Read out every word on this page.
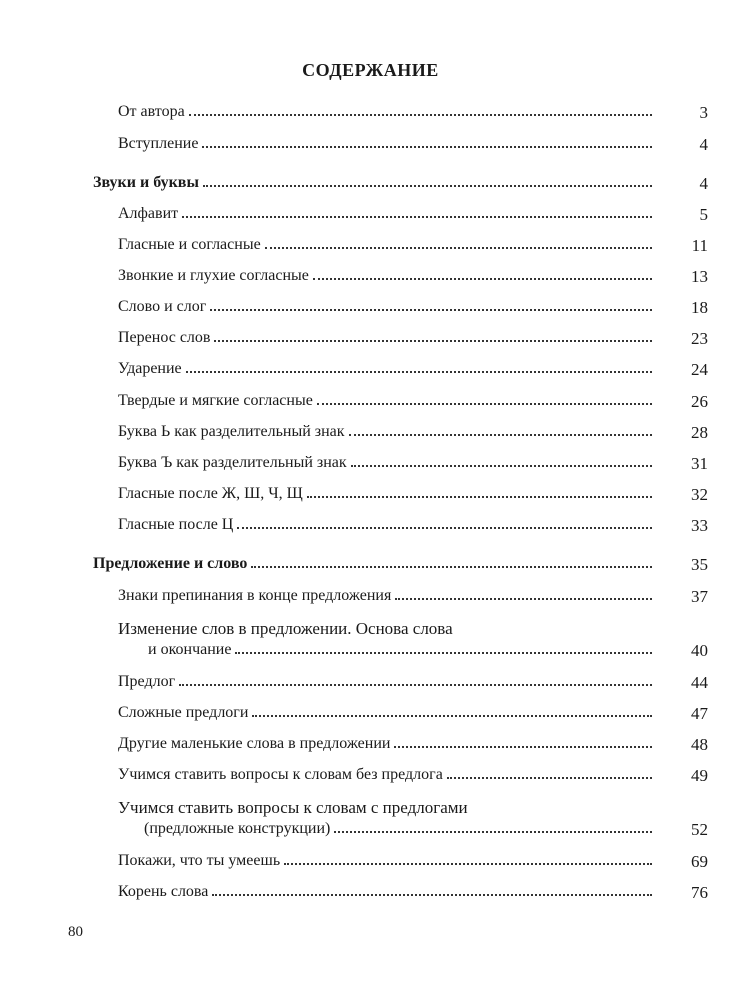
СОДЕРЖАНИЕ
От автора	3
Вступление	4
Звуки и буквы	4
Алфавит	5
Гласные и согласные	11
Звонкие и глухие согласные	13
Слово и слог	18
Перенос слов	23
Ударение	24
Твердые и мягкие согласные	26
Буква Ь как разделительный знак	28
Буква Ъ как разделительный знак	31
Гласные после Ж, Ш, Ч, Щ	32
Гласные после Ц	33
Предложение и слово	35
Знаки препинания в конце предложения	37
Изменение слов в предложении. Основа слова
и окончание	40
Предлог	44
Сложные предлоги	47
Другие маленькие слова в предложении	48
Учимся ставить вопросы к словам без предлога	49
Учимся ставить вопросы к словам с предлогами
(предложные конструкции)	52
Покажи, что ты умеешь	69
Корень слова	76
80
